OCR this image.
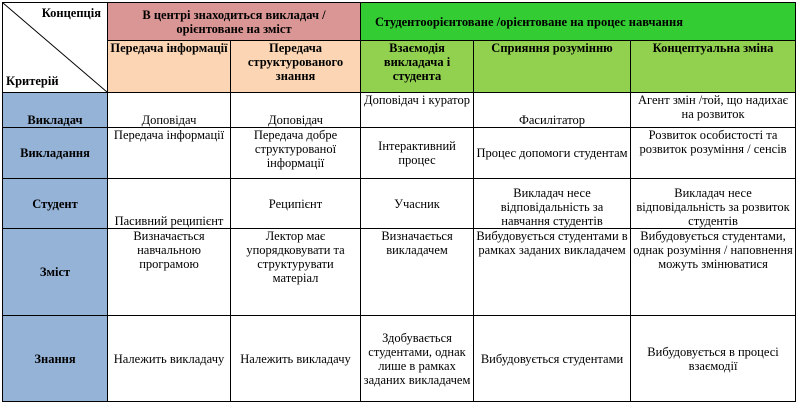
Концепція
Критерій	В центрі знаходиться викладач / орієнтоване на зміст		Студентоорієнтоване /орієнтоване на процес навчання		
	Передача інформації	Передача структурованого знання	Взаємодія викладача і студента	Сприяння розумінню	Концептуальна зміна
Викладач	Доповідач	Доповідач	Доповідач і куратор	Фасилітатор	Агент змін /той, що надихає на розвиток
Викладання	Передача інформації	Передача добре структурованої інформації	Інтерактивний процес	Процес допомоги студентам	Розвиток особистості та розвиток розуміння / сенсів
Студент	Пасивний реципієнт	Реципієнт	Учасник	Викладач несе відповідальність за навчання студентів	Викладач несе відповідальність за розвиток студентів
Зміст	Визначається навчальною програмою	Лектор має упорядковувати та структурувати матеріал	Визначається викладачем	Вибудовується студентами в рамках заданих викладачем	Вибудовується студентами, однак розуміння / наповнення можуть змінюватися
Знання	Належить викладачу	Належить викладачу	Здобувається студентами, однак лише в рамках заданих викладачем	Вибудовується студентами	Вибудовується в процесі взаємодії
